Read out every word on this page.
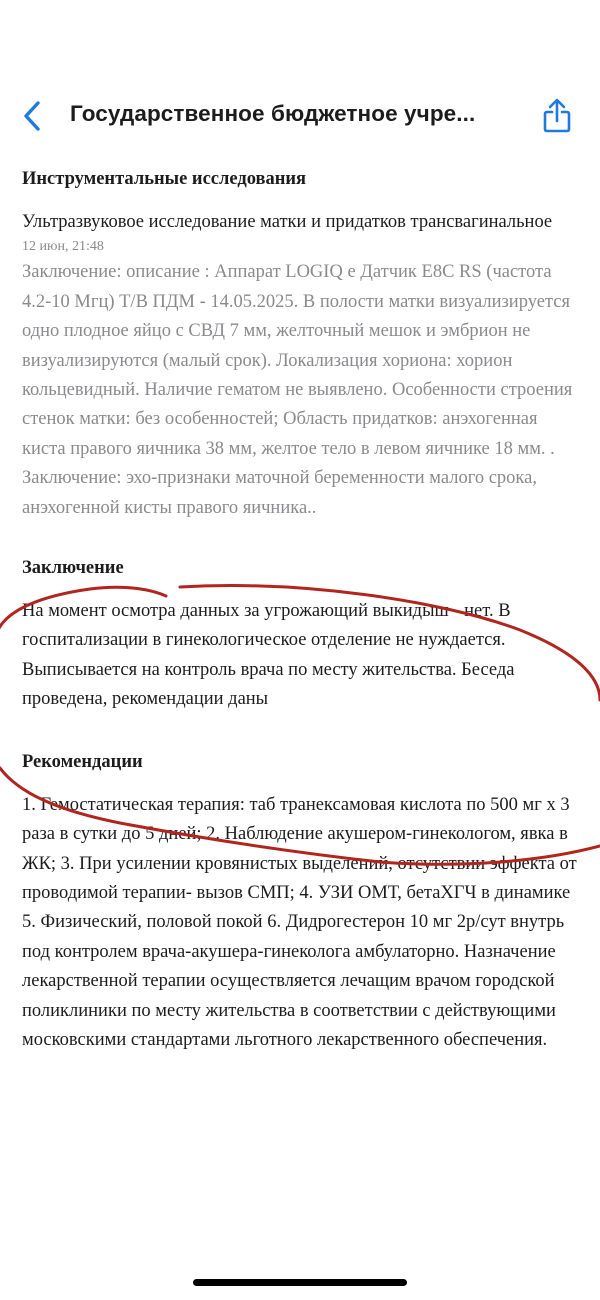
Государственное бюджетное учре...
Инструментальные исследования

Ультразвуковое исследование матки и придатков трансвагинальное

12 июн, 21:48

Заключение: описание : Аппарат LOGIQ e Датчик E8C RS (частота 4.2-10 Мгц) Т/В ПДМ - 14.05.2025. В полости матки визуализируется одно плодное яйцо с СВД 7 мм, желточный мешок и эмбрион не визуализируются (малый срок). Локализация хориона: хорион кольцевидный. Наличие гематом не выявлено. Особенности строения стенок матки: без особенностей; Область придатков: анэхогенная киста правого яичника 38 мм, желтое тело в левом яичнике 18 мм. . Заключение: эхо-признаки маточной беременности малого срока, анэхогенной кисты правого яичника..

Заключение

На момент осмотра данных за угрожающий выкидыш - нет. В госпитализации в гинекологическое отделение не нуждается. Выписывается на контроль врача по месту жительства. Беседа проведена, рекомендации даны

Рекомендации

1. Гемостатическая терапия: таб транексамовая кислота по 500 мг х 3 раза в сутки до 5 дней; 2. Наблюдение акушером-гинекологом, явка в ЖК; 3. При усилении кровянистых выделений, отсутствии эффекта от проводимой терапии- вызов СМП; 4. УЗИ ОМТ, бетаХГЧ в динамике 5. Физический, половой покой 6. Дидрогестерон 10 мг 2р/сут внутрь под контролем врача-акушера-гинеколога амбулаторно. Назначение лекарственной терапии осуществляется лечащим врачом городской поликлиники по месту жительства в соответствии с действующими московскими стандартами льготного лекарственного обеспечения.
